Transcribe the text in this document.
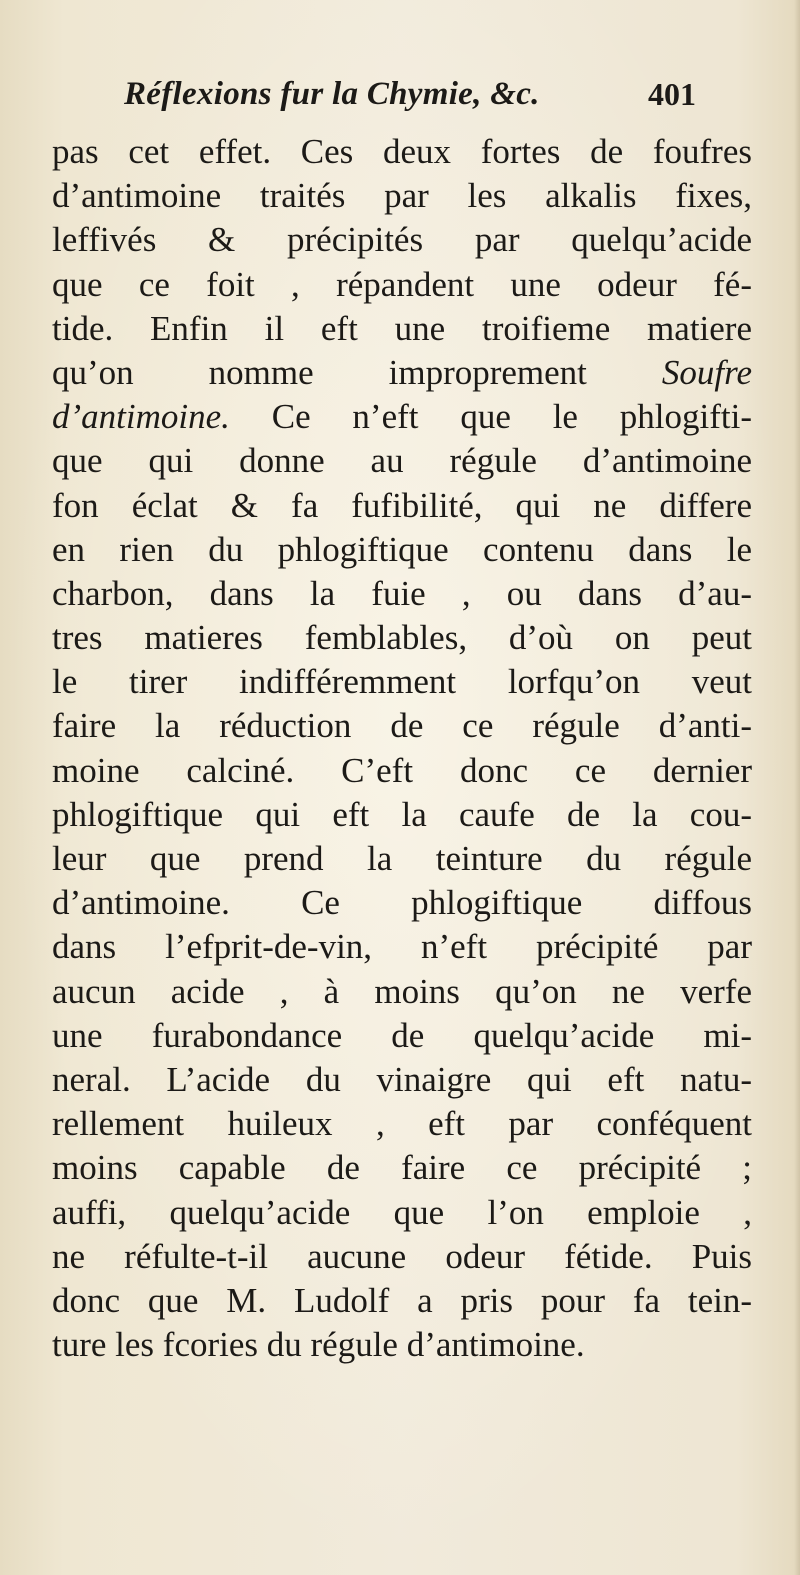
Réflexions fur la Chymie, &c.	401
pas cet effet. Ces deux fortes de foufres
d’antimoine traités par les alkalis fixes,
leffivés & précipités par quelqu’acide
que ce foit , répandent une odeur fé-
tide. Enfin il eft une troifieme matiere
qu’on nomme improprement Soufre
d’antimoine. Ce n’eft que le phlogifti-
que qui donne au régule d’antimoine
fon éclat & fa fufibilité, qui ne differe
en rien du phlogiftique contenu dans le
charbon, dans la fuie , ou dans d’au-
tres matieres femblables, d’où on peut
le tirer indifféremment lorfqu’on veut
faire la réduction de ce régule d’anti-
moine calciné. C’eft donc ce dernier
phlogiftique qui eft la caufe de la cou-
leur que prend la teinture du régule
d’antimoine. Ce phlogiftique diffous
dans l’efprit-de-vin, n’eft précipité par
aucun acide , à moins qu’on ne verfe
une furabondance de quelqu’acide mi-
neral. L’acide du vinaigre qui eft natu-
rellement huileux , eft par conféquent
moins capable de faire ce précipité ;
auffi, quelqu’acide que l’on emploie ,
ne réfulte-t-il aucune odeur fétide. Puis
donc que M. Ludolf a pris pour fa tein-
ture les fcories du régule d’antimoine.
